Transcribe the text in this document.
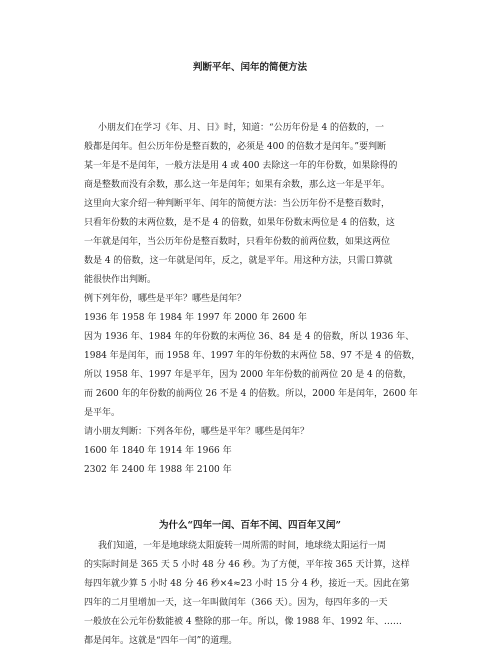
判断平年、闰年的简便方法
小朋友们在学习《年、月、日》时，知道：“公历年份是 4 的倍数的，一
般都是闰年。但公历年份是整百数的，必须是 400 的倍数才是闰年。”要判断
某一年是不是闰年，一般方法是用 4 或 400 去除这一年的年份数，如果除得的
商是整数而没有余数，那么这一年是闰年；如果有余数，那么这一年是平年。
这里向大家介绍一种判断平年、闰年的简便方法：当公历年份不是整百数时，
只看年份数的末两位数，是不是 4 的倍数，如果年份数末两位是 4 的倍数，这
一年就是闰年，当公历年份是整百数时，只看年份数的前两位数，如果这两位
数是 4 的倍数，这一年就是闰年，反之，就是平年。用这种方法，只需口算就
能很快作出判断。
例下列年份，哪些是平年？哪些是闰年？
1936 年 1958 年 1984 年 1997 年 2000 年 2600 年
因为 1936 年、1984 年的年份数的末两位 36、84 是 4 的倍数，所以 1936 年、
1984 年是闰年，而 1958 年、1997 年的年份数的末两位 58、97 不是 4 的倍数，
所以 1958 年、1997 年是平年，因为 2000 年年份数的前两位 20 是 4 的倍数，
而 2600 年的年份数的前两位 26 不是 4 的倍数。所以，2000 年是闰年，2600 年
是平年。
请小朋友判断：下列各年份，哪些是平年？哪些是闰年？
1600 年 1840 年 1914 年 1966 年
2302 年 2400 年 1988 年 2100 年
为什么“四年一闰、百年不闰、四百年又闰”
我们知道，一年是地球绕太阳旋转一周所需的时间，地球绕太阳运行一周
的实际时间是 365 天 5 小时 48 分 46 秒。为了方便，平年按 365 天计算，这样
每四年就少算 5 小时 48 分 46 秒×4≈23 小时 15 分 4 秒，接近一天。因此在第
四年的二月里增加一天，这一年叫做闰年（366 天）。因为，每四年多的一天
一般放在公元年份数能被 4 整除的那一年。所以，像 1988 年、1992 年、……
都是闰年。这就是“四年一闰”的道理。
